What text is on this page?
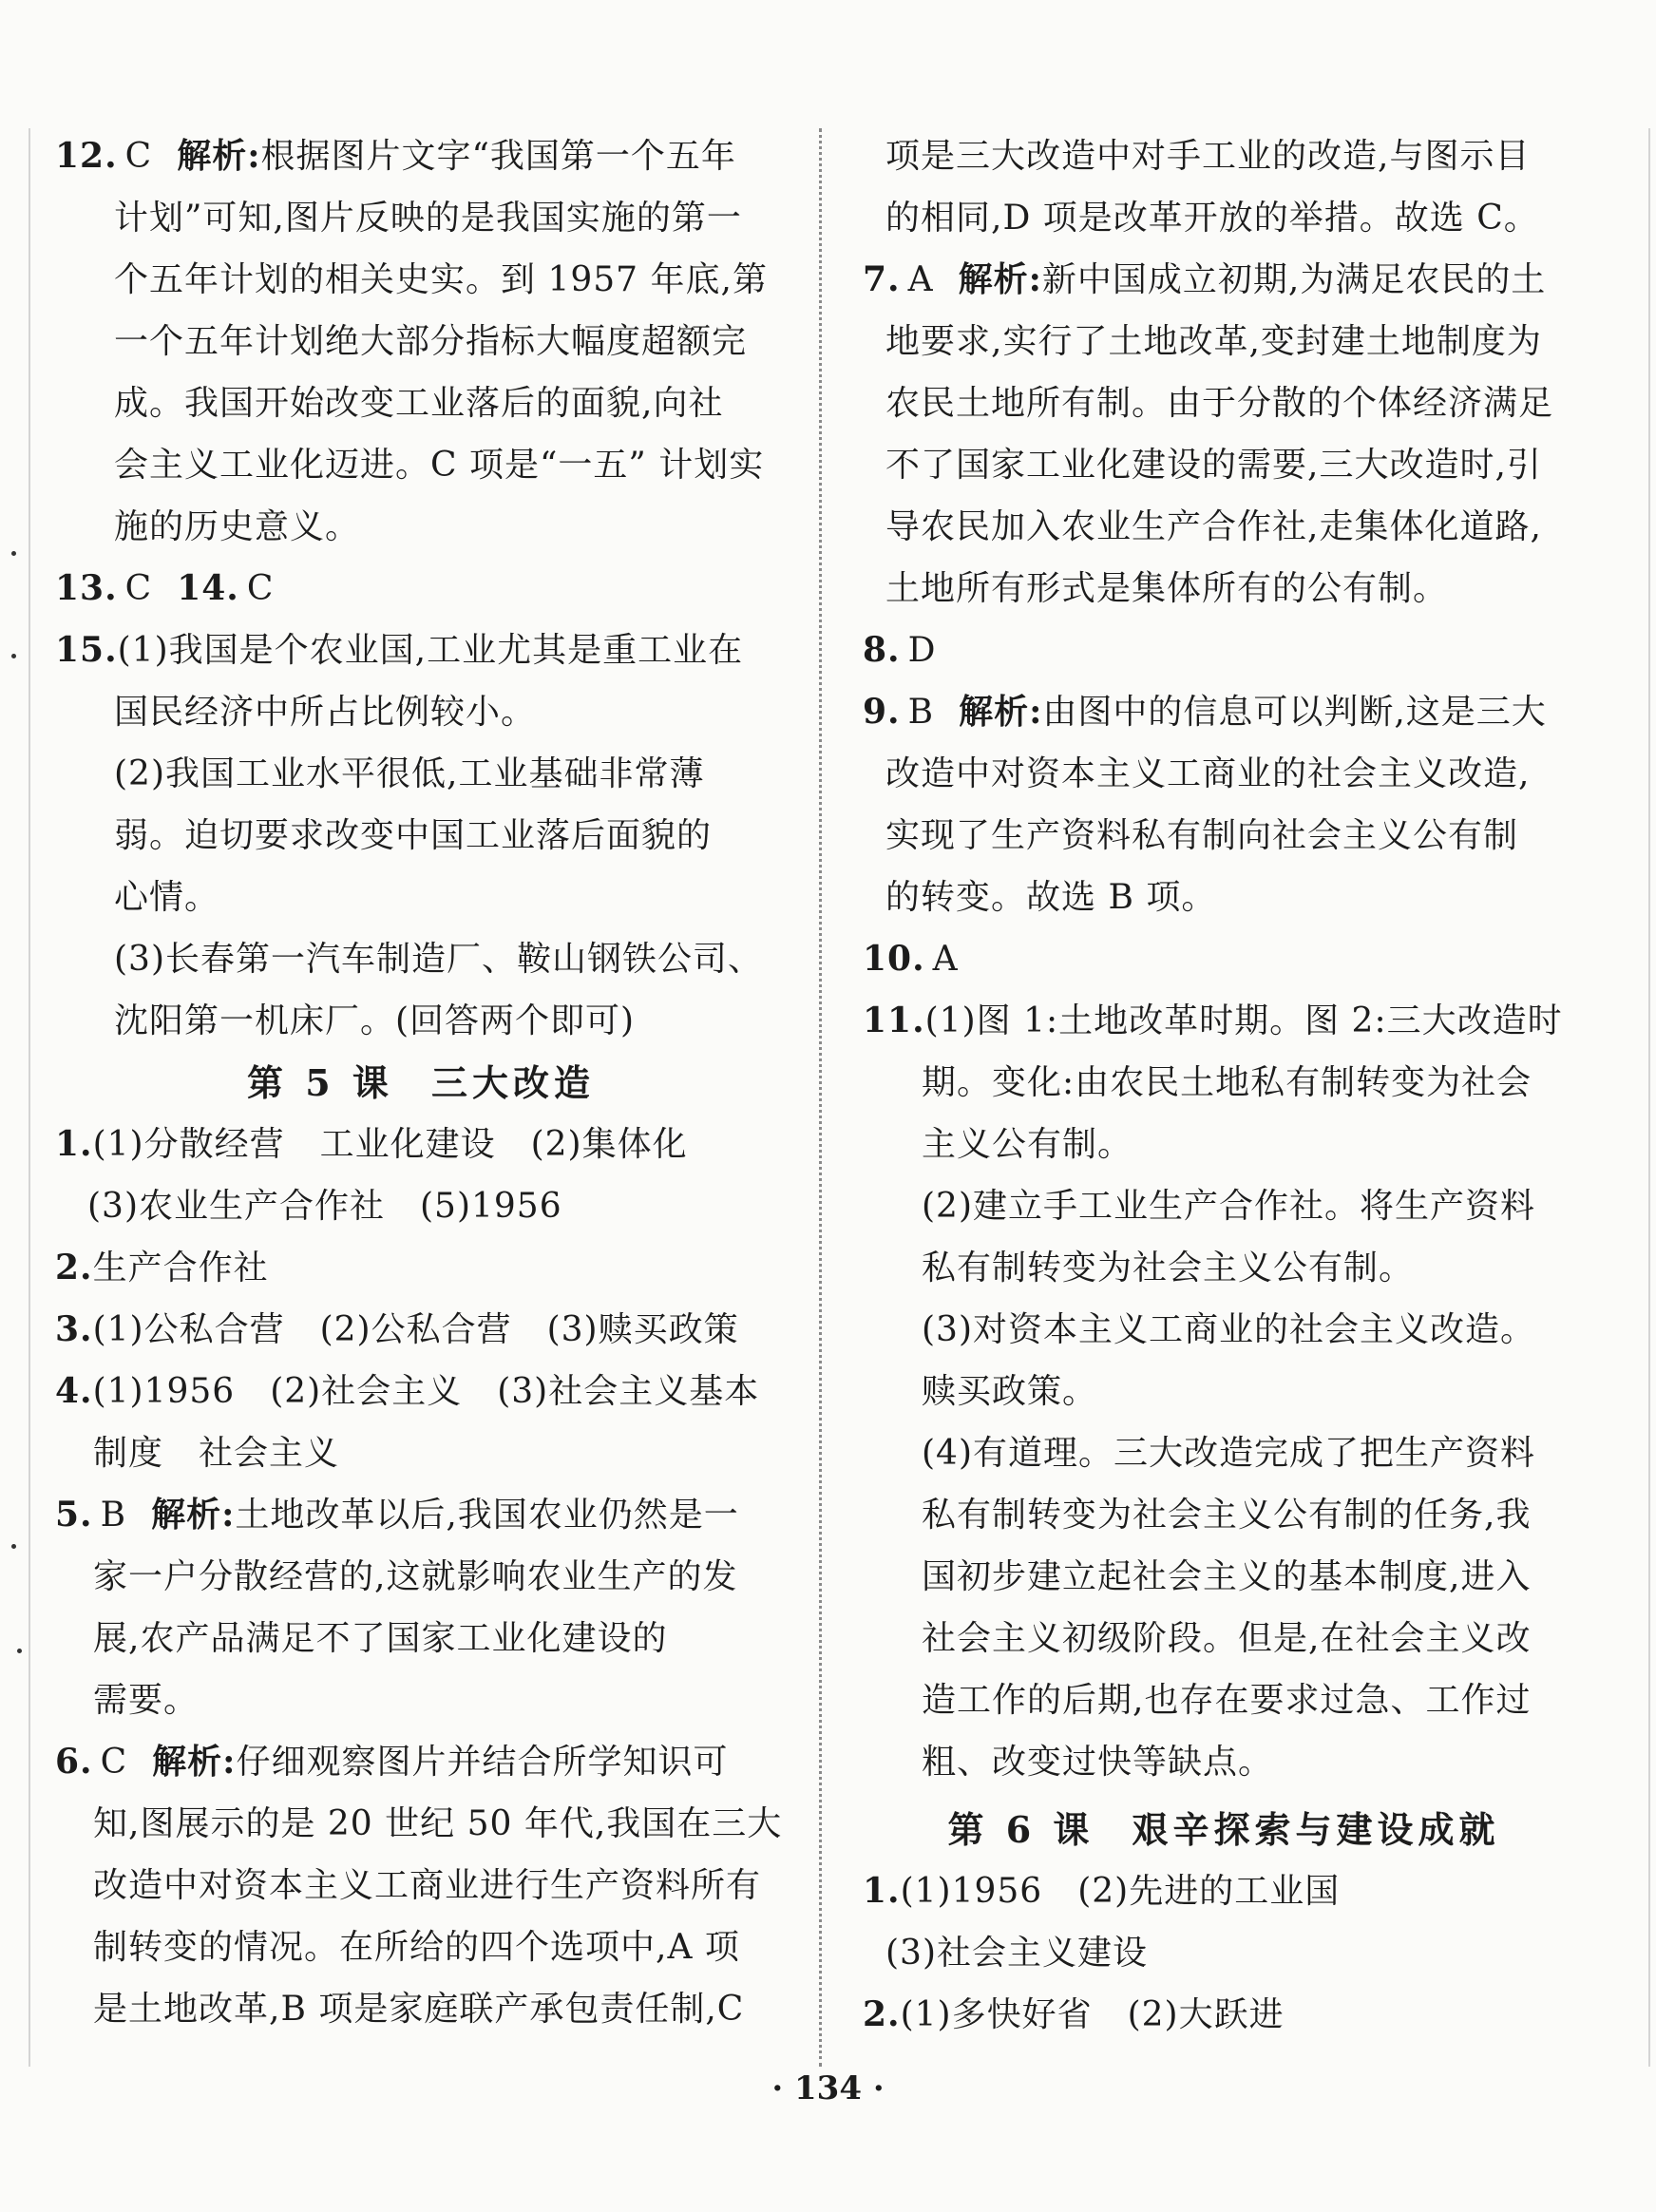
12. C 解析:根据图片文字“我国第一个五年
计划”可知,图片反映的是我国实施的第一
个五年计划的相关史实。到 1957 年底,第
一个五年计划绝大部分指标大幅度超额完
成。我国开始改变工业落后的面貌,向社
会主义工业化迈进。C 项是“一五” 计划实
施的历史意义。
13. C 14. C
15.(1)我国是个农业国,工业尤其是重工业在
国民经济中所占比例较小。
(2)我国工业水平很低,工业基础非常薄
弱。迫切要求改变中国工业落后面貌的
心情。
(3)长春第一汽车制造厂、鞍山钢铁公司、
沈阳第一机床厂。(回答两个即可)
第 5 课 三大改造
1.(1)分散经营　工业化建设　(2)集体化
(3)农业生产合作社　(5)1956
2.生产合作社
3.(1)公私合营　(2)公私合营　(3)赎买政策
4.(1)1956　(2)社会主义　(3)社会主义基本
制度　社会主义
5. B 解析:土地改革以后,我国农业仍然是一
家一户分散经营的,这就影响农业生产的发
展,农产品满足不了国家工业化建设的
需要。
6. C 解析:仔细观察图片并结合所学知识可
知,图展示的是 20 世纪 50 年代,我国在三大
改造中对资本主义工商业进行生产资料所有
制转变的情况。在所给的四个选项中,A 项
是土地改革,B 项是家庭联产承包责任制,C
项是三大改造中对手工业的改造,与图示目
的相同,D 项是改革开放的举措。故选 C。
7. A 解析:新中国成立初期,为满足农民的土
地要求,实行了土地改革,变封建土地制度为
农民土地所有制。由于分散的个体经济满足
不了国家工业化建设的需要,三大改造时,引
导农民加入农业生产合作社,走集体化道路,
土地所有形式是集体所有的公有制。
8. D
9. B 解析:由图中的信息可以判断,这是三大
改造中对资本主义工商业的社会主义改造,
实现了生产资料私有制向社会主义公有制
的转变。故选 B 项。
10. A
11.(1)图 1:土地改革时期。图 2:三大改造时
期。变化:由农民土地私有制转变为社会
主义公有制。
(2)建立手工业生产合作社。将生产资料
私有制转变为社会主义公有制。
(3)对资本主义工商业的社会主义改造。
赎买政策。
(4)有道理。三大改造完成了把生产资料
私有制转变为社会主义公有制的任务,我
国初步建立起社会主义的基本制度,进入
社会主义初级阶段。但是,在社会主义改
造工作的后期,也存在要求过急、工作过
粗、改变过快等缺点。
第 6 课 艰辛探索与建设成就
1.(1)1956　(2)先进的工业国
(3)社会主义建设
2.(1)多快好省　(2)大跃进
· 134 ·
